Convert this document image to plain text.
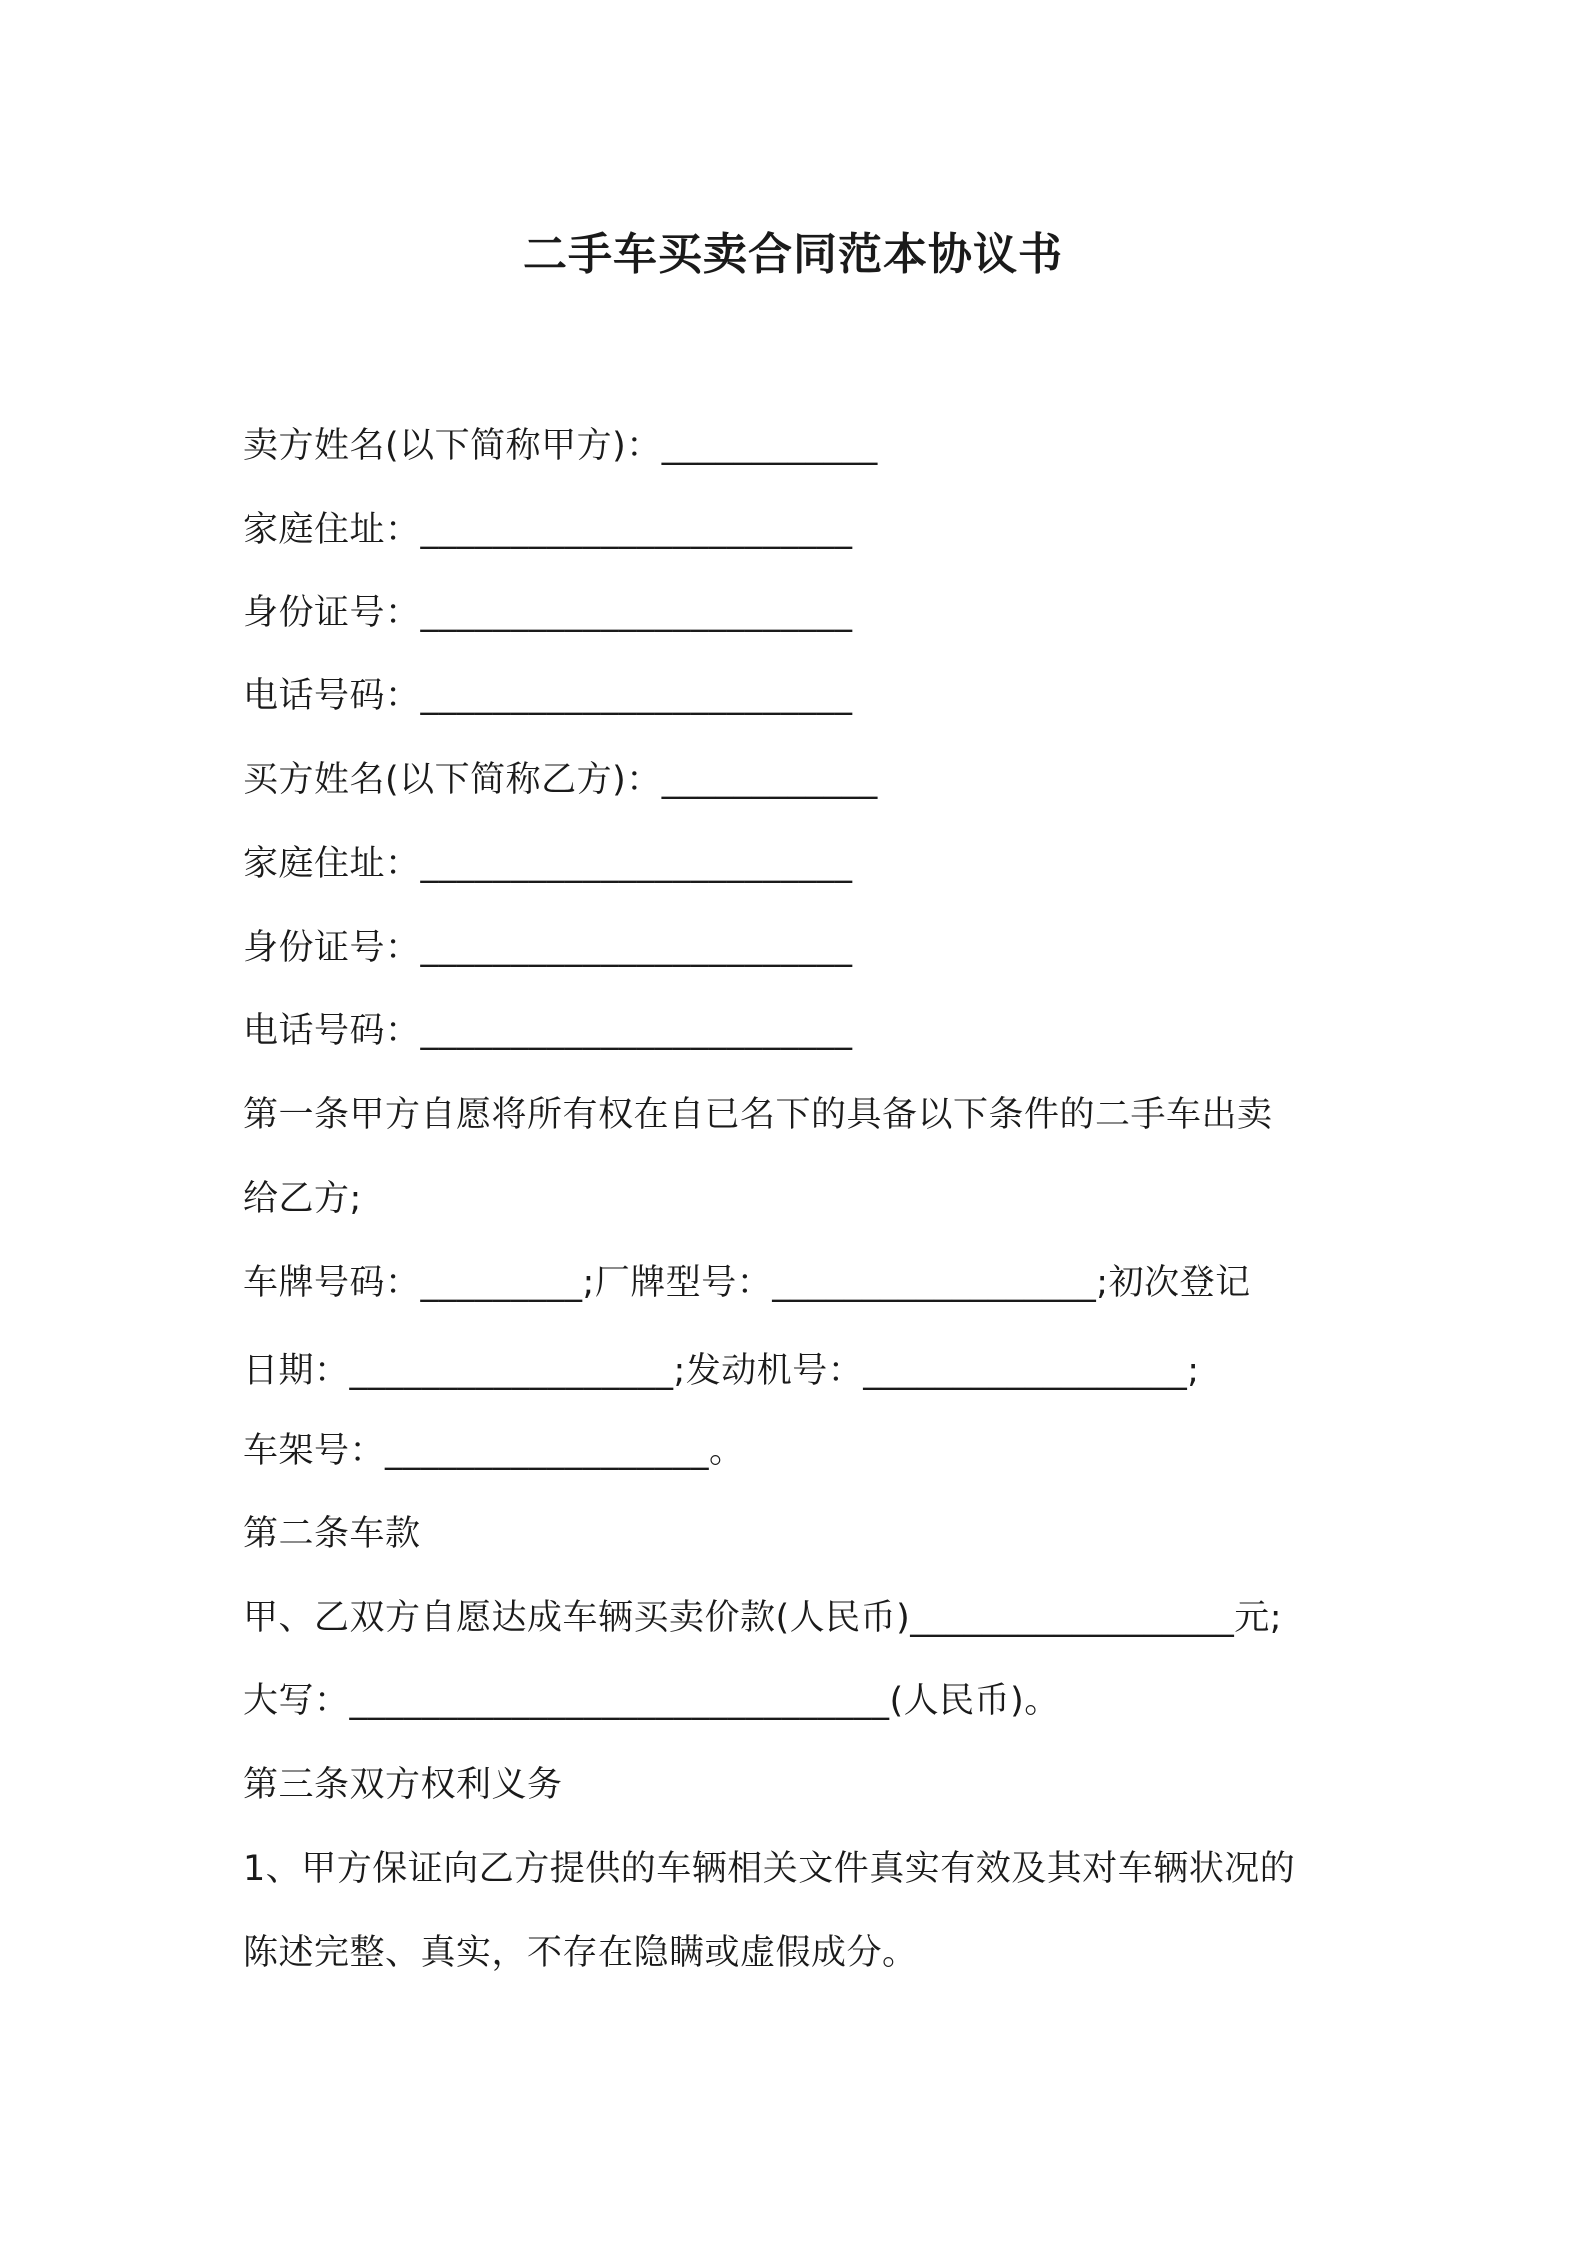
二手车买卖合同范本协议书
卖方姓名(以下简称甲方)：____________
家庭住址：________________________
身份证号：________________________
电话号码：________________________
买方姓名(以下简称乙方)：____________
家庭住址：________________________
身份证号：________________________
电话号码：________________________
第一条甲方自愿将所有权在自已名下的具备以下条件的二手车出卖
给乙方;
车牌号码：_________;厂牌型号：__________________;初次登记
日期：__________________;发动机号：__________________;
车架号：__________________。
第二条车款
甲、乙双方自愿达成车辆买卖价款(人民币)__________________元;
大写：______________________________(人民币)。
第三条双方权利义务
1、甲方保证向乙方提供的车辆相关文件真实有效及其对车辆状况的
陈述完整、真实，不存在隐瞒或虚假成分。
